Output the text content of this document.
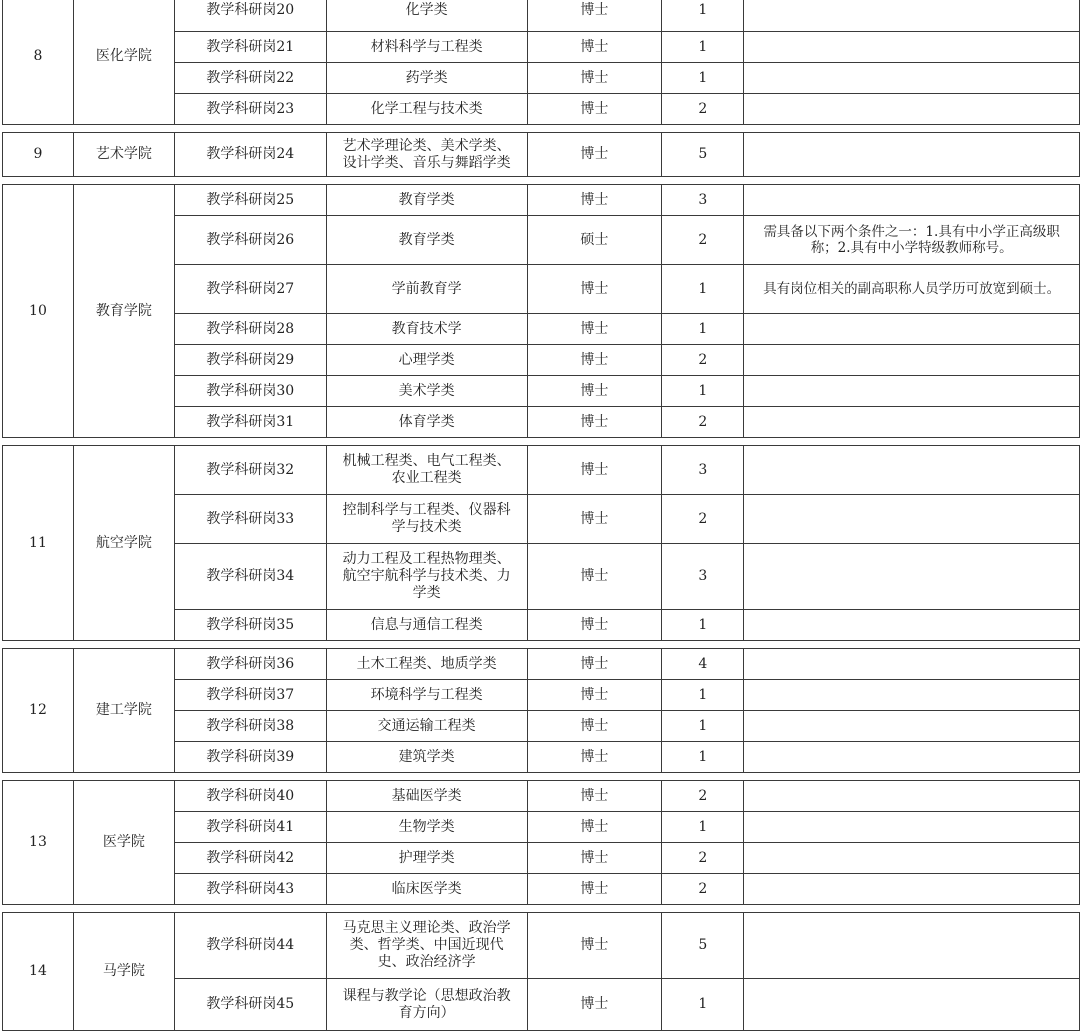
8	医化学院	教学科研岗20	化学类	博士	1	
		教学科研岗21	材料科学与工程类	博士	1	
		教学科研岗22	药学类	博士	1	
		教学科研岗23	化学工程与技术类	博士	2	

9	艺术学院	教学科研岗24	艺术学理论类、美术学类、设计学类、音乐与舞蹈学类	博士	5	

10	教育学院	教学科研岗25	教育学类	博士	3	
		教学科研岗26	教育学类	硕士	2	需具备以下两个条件之一：1.具有中小学正高级职称；2.具有中小学特级教师称号。
		教学科研岗27	学前教育学	博士	1	具有岗位相关的副高职称人员学历可放宽到硕士。
		教学科研岗28	教育技术学	博士	1	
		教学科研岗29	心理学类	博士	2	
		教学科研岗30	美术学类	博士	1	
		教学科研岗31	体育学类	博士	2	

11	航空学院	教学科研岗32	机械工程类、电气工程类、农业工程类	博士	3	
		教学科研岗33	控制科学与工程类、仪器科学与技术类	博士	2	
		教学科研岗34	动力工程及工程热物理类、航空宇航科学与技术类、力学类	博士	3	
		教学科研岗35	信息与通信工程类	博士	1	

12	建工学院	教学科研岗36	土木工程类、地质学类	博士	4	
		教学科研岗37	环境科学与工程类	博士	1	
		教学科研岗38	交通运输工程类	博士	1	
		教学科研岗39	建筑学类	博士	1	

13	医学院	教学科研岗40	基础医学类	博士	2	
		教学科研岗41	生物学类	博士	1	
		教学科研岗42	护理学类	博士	2	
		教学科研岗43	临床医学类	博士	2	

14	马学院	教学科研岗44	马克思主义理论类、政治学类、哲学类、中国近现代史、政治经济学	博士	5	
		教学科研岗45	课程与教学论（思想政治教育方向）	博士	1	
